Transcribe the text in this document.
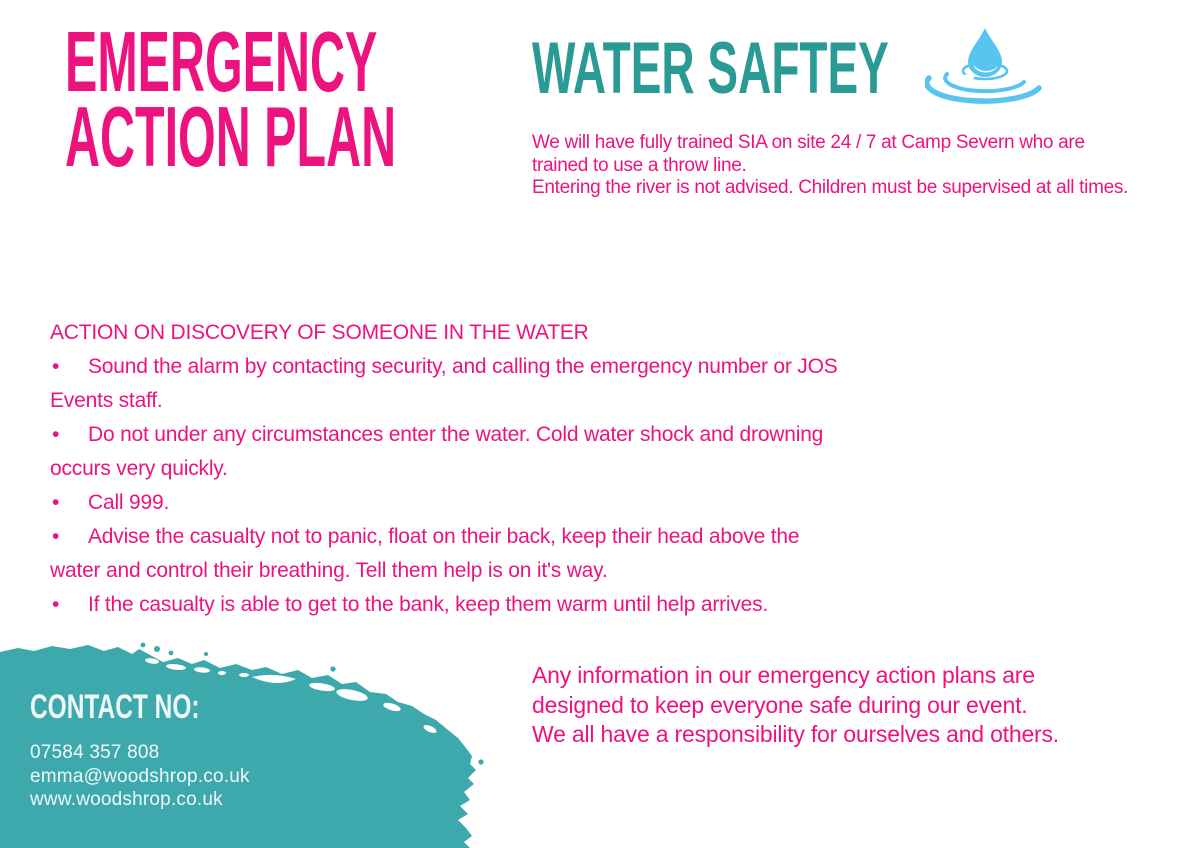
EMERGENCY
ACTION PLAN
WATER SAFTEY
We will have fully trained SIA on site 24 / 7 at Camp Severn who are
trained to use a throw line.
Entering the river is not advised. Children must be supervised at all times.
ACTION ON DISCOVERY OF SOMEONE IN THE WATER
• Sound the alarm by contacting security, and calling the emergency number or JOS
Events staff.
• Do not under any circumstances enter the water. Cold water shock and drowning
occurs very quickly.
• Call 999.
• Advise the casualty not to panic, float on their back, keep their head above the
water and control their breathing. Tell them help is on it's way.
• If the casualty is able to get to the bank, keep them warm until help arrives.
CONTACT NO:
07584 357 808
emma@woodshrop.co.uk
www.woodshrop.co.uk
Any information in our emergency action plans are
designed to keep everyone safe during our event.
We all have a responsibility for ourselves and others.
